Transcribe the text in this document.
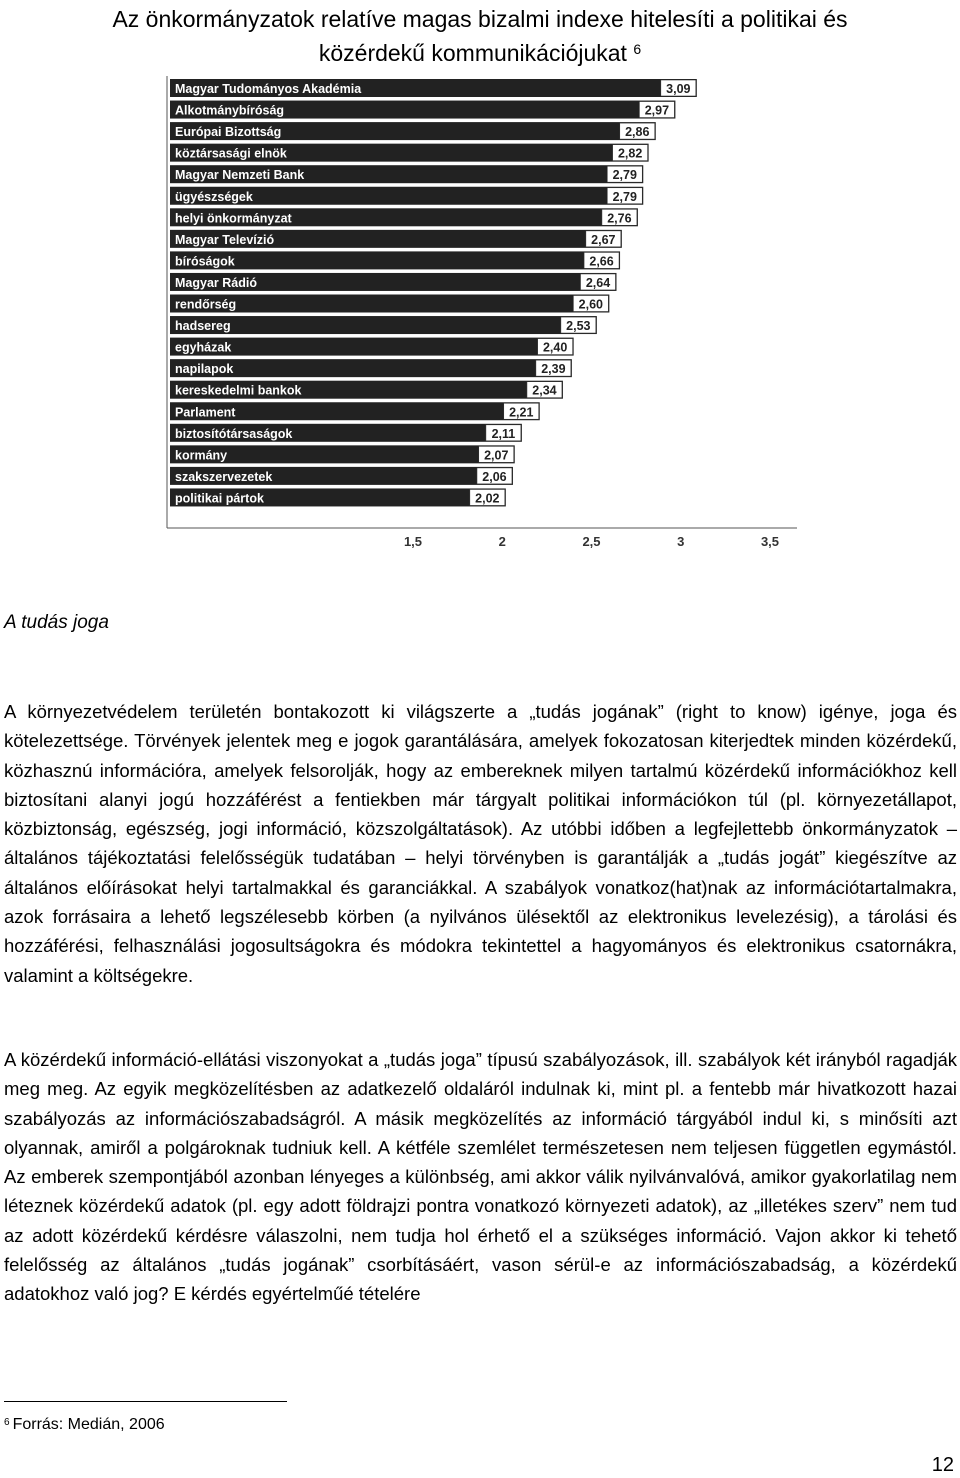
Az önkormányzatok relatíve magas bizalmi indexe hitelesíti a politikai és
közérdekű kommunikációjukat $^6$
3,09
Magyar Tudományos Akadémia
2,97
Alkotmánybíróság
2,86
Európai Bizottság
2,82
köztársasági elnök
2,79
Magyar Nemzeti Bank
2,79
ügyészségek
2,76
helyi önkormányzat
2,67
Magyar Televízió
2,66
bíróságok
2,64
Magyar Rádió
2,60
rendőrség
2,53
hadsereg
2,40
egyházak
2,39
napilapok
2,34
kereskedelmi bankok
2,21
Parlament
2,11
biztosítótársaságok
2,07
kormány
2,06
szakszervezetek
2,02
politikai pártok
1,5	2	2,5	3	3,5
A tudás joga
A környezetvédelem területén bontakozott ki világszerte a „tudás jogának” (right to know) igénye, joga és kötelezettsége. Törvények jelentek meg e jogok garantálására, amelyek fokozatosan kiterjedtek minden közérdekű, közhasznú információra, amelyek felsorolják, hogy az embereknek milyen tartalmú közérdekű információkhoz kell biztosítani alanyi jogú hozzáférést a fentiekben már tárgyalt politikai információkon túl (pl. környezetállapot, közbiztonság, egészség, jogi információ, közszolgáltatások). Az utóbbi időben a legfejlettebb önkormányzatok – általános tájékoztatási felelősségük tudatában – helyi törvényben is garantálják a „tudás jogát” kiegészítve az általános előírásokat helyi tartalmakkal és garanciákkal. A szabályok vonatkoz(hat)nak az információtartalmakra, azok forrásaira a lehető legszélesebb körben (a nyilvános ülésektől az elektronikus levelezésig), a tárolási és hozzáférési, felhasználási jogosultságokra és módokra tekintettel a hagyományos és elektronikus csatornákra, valamint a költségekre.
A közérdekű információ-ellátási viszonyokat a „tudás joga” típusú szabályozások, ill. szabályok két irányból ragadják meg meg. Az egyik megközelítésben az adatkezelő oldaláról indulnak ki, mint pl. a fentebb már hivatkozott hazai szabályozás az információszabadságról. A másik megközelítés az információ tárgyából indul ki, s minősíti azt olyannak, amiről a polgároknak tudniuk kell. A kétféle szemlélet természetesen nem teljesen független egymástól. Az emberek szempontjából azonban lényeges a különbség, ami akkor válik nyilvánvalóvá, amikor gyakorlatilag nem léteznek közérdekű adatok (pl. egy adott földrajzi pontra vonatkozó környezeti adatok), az „illetékes szerv” nem tud az adott közérdekű kérdésre válaszolni, nem tudja hol érhető el a szükséges információ. Vajon akkor ki tehető felelősség az általános „tudás jogának” csorbításáért, vason sérül-e az információszabadság, a közérdekű adatokhoz való jog? E kérdés egyértelműé tételére
$^6$ Forrás: Medián, 2006
12
